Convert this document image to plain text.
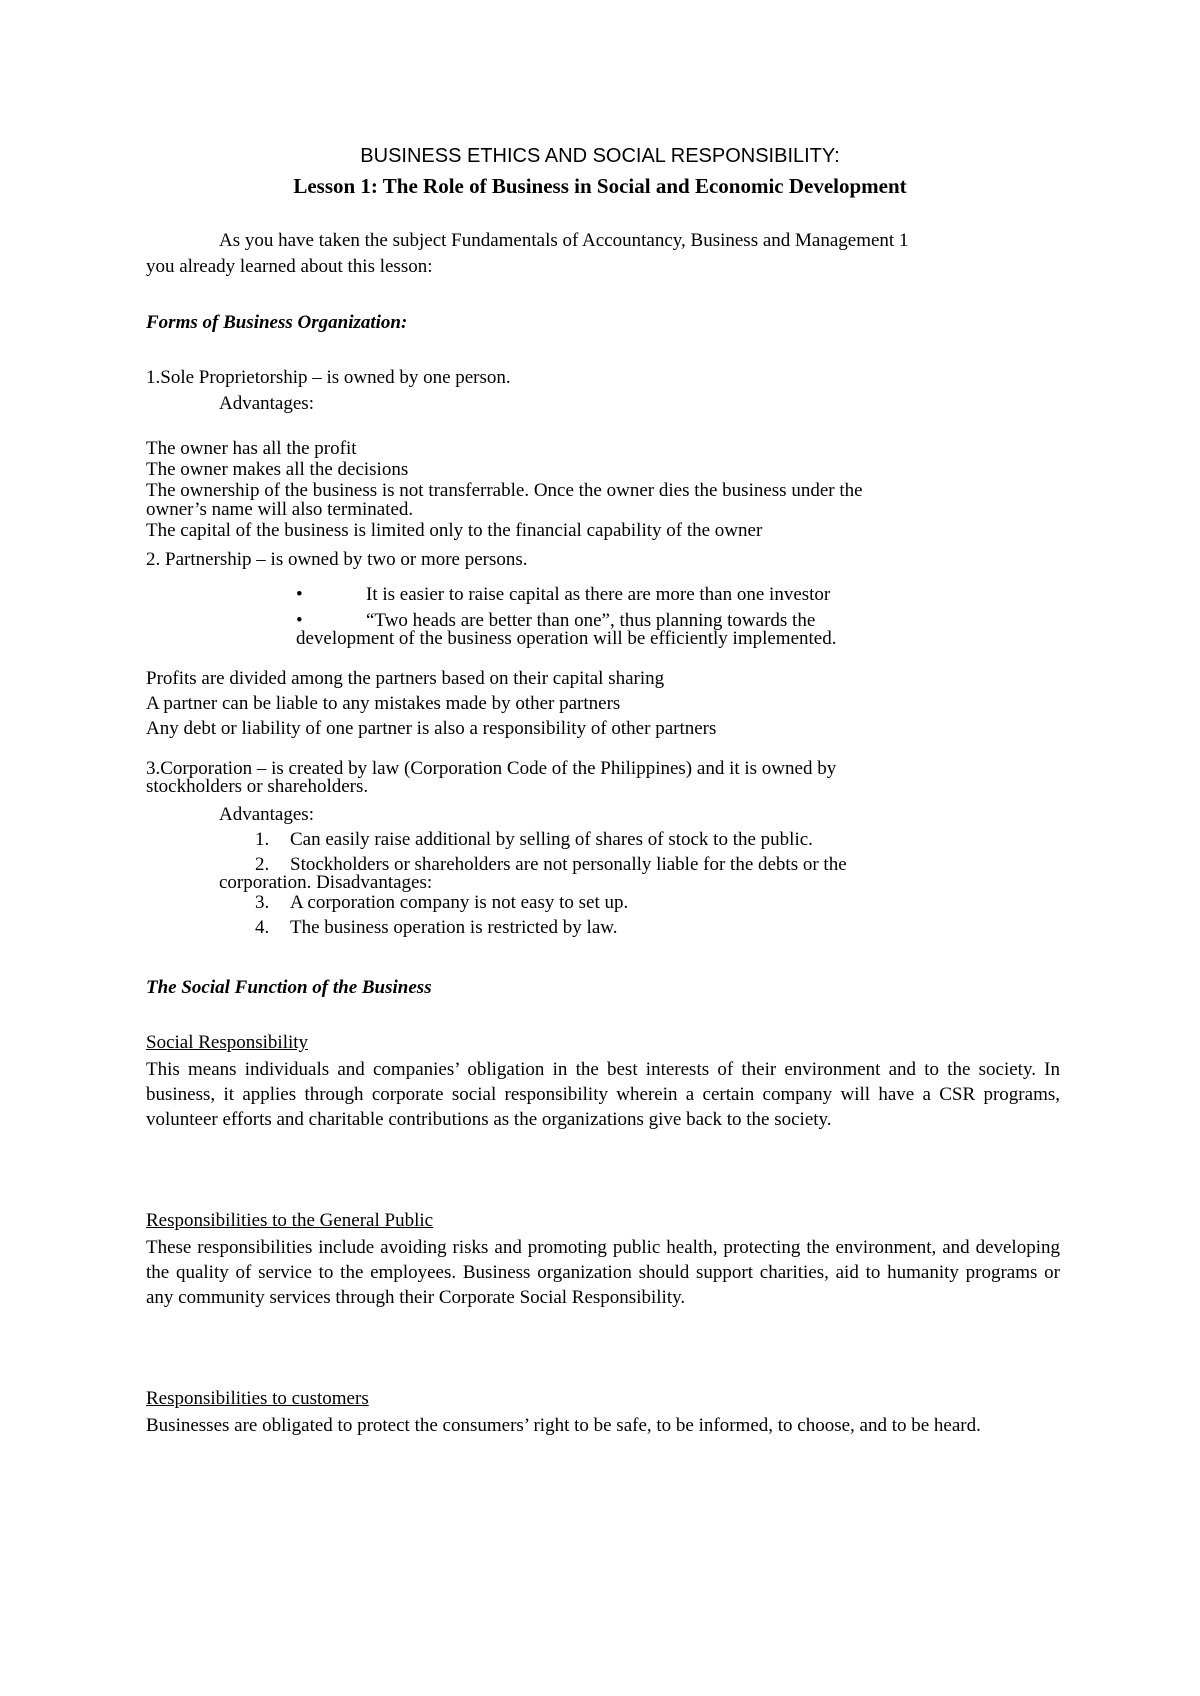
BUSINESS ETHICS AND SOCIAL RESPONSIBILITY:
Lesson 1: The Role of Business in Social and Economic Development
As you have taken the subject Fundamentals of Accountancy, Business and Management 1
you already learned about this lesson:
Forms of Business Organization:
1.Sole Proprietorship – is owned by one person.
Advantages:
The owner has all the profit
The owner makes all the decisions
The ownership of the business is not transferrable. Once the owner dies the business under the
owner’s name will also terminated.
The capital of the business is limited only to the financial capability of the owner
2. Partnership – is owned by two or more persons.
•	It is easier to raise capital as there are more than one investor
•	“Two heads are better than one”, thus planning towards the
development of the business operation will be efficiently implemented.
Profits are divided among the partners based on their capital sharing
A partner can be liable to any mistakes made by other partners
Any debt or liability of one partner is also a responsibility of other partners
3.Corporation – is created by law (Corporation Code of the Philippines) and it is owned by
stockholders or shareholders.
Advantages:
1. Can easily raise additional by selling of shares of stock to the public.
2. Stockholders or shareholders are not personally liable for the debts or the
corporation. Disadvantages:
3. A corporation company is not easy to set up.
4. The business operation is restricted by law.
The Social Function of the Business
Social Responsibility
This means individuals and companies’ obligation in the best interests of their environment and to the society. In business, it applies through corporate social responsibility wherein a certain company will have a CSR programs, volunteer efforts and charitable contributions as the organizations give back to the society.
Responsibilities to the General Public
These responsibilities include avoiding risks and promoting public health, protecting the environment, and developing the quality of service to the employees. Business organization should support charities, aid to humanity programs or any community services through their Corporate Social Responsibility.
Responsibilities to customers
Businesses are obligated to protect the consumers’ right to be safe, to be informed, to choose, and to be heard.
